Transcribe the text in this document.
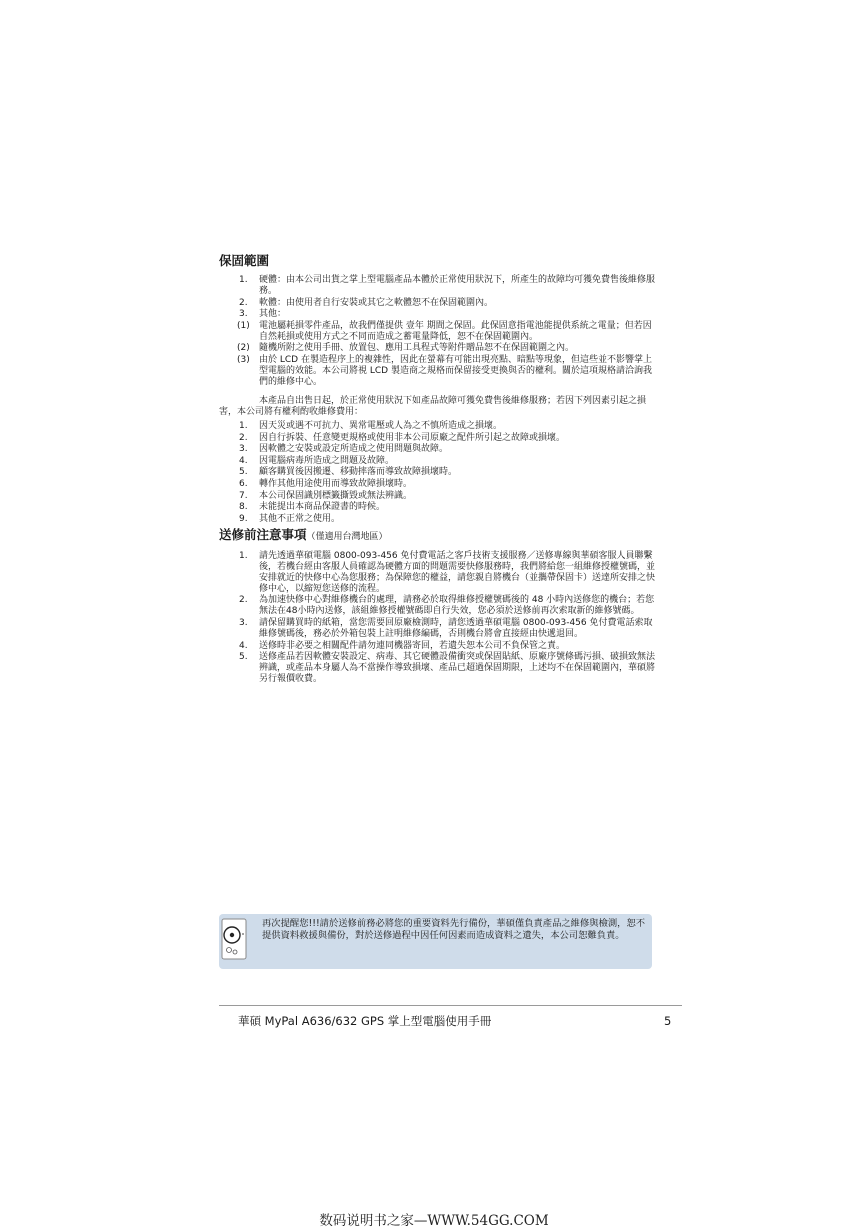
保固範圍
1. 硬體：由本公司出貨之掌上型電腦產品本體於正常使用狀況下，所產生的故障均可獲免費售後維修服務。
2. 軟體：由使用者自行安裝或其它之軟體恕不在保固範圍內。
3. 其他：
(1) 電池屬耗損零件產品，故我們僅提供 壹年 期間之保固。此保固意指電池能提供系統之電量；但若因自然耗損或使用方式之不同而造成之蓄電量降低，恕不在保固範圍內。
(2) 隨機所附之使用手冊、放置包、應用工具程式等附件贈品恕不在保固範圍之內。
(3) 由於 LCD 在製造程序上的複雜性，因此在螢幕有可能出現亮點、暗點等現象，但這些並不影響掌上型電腦的效能。本公司將視 LCD 製造商之規格而保留接受更換與否的權利。關於這項規格請洽詢我們的維修中心。

本產品自出售日起，於正常使用狀況下如產品故障可獲免費售後維修服務；若因下列因素引起之損害，本公司將有權利酌收維修費用：

1. 因天災或遇不可抗力、異常電壓或人為之不慎所造成之損壞。
2. 因自行拆裝、任意變更規格或使用非本公司原廠之配件所引起之故障或損壞。
3. 因軟體之安裝或設定所造成之使用問題與故障。
4. 因電腦病毒所造成之問題及故障。
5. 顧客購買後因搬遷、移動摔落而導致故障損壞時。
6. 轉作其他用途使用而導致故障損壞時。
7. 本公司保固識別標籤撕毀或無法辨識。
8. 未能提出本商品保證書的時候。
9. 其他不正常之使用。
送修前注意事項（僅適用台灣地區）
1. 請先透過華碩電腦 0800-093-456 免付費電話之客戶技術支援服務／送修專線與華碩客服人員聯繫後，若機台經由客服人員確認為硬體方面的問題需要快修服務時，我們將給您一組維修授權號碼，並安排就近的快修中心為您服務；為保障您的權益，請您親自將機台（並攜帶保固卡）送達所安排之快修中心，以縮短您送修的流程。
2. 為加速快修中心對維修機台的處理，請務必於取得維修授權號碼後的 48 小時內送修您的機台；若您無法在48小時內送修，該組維修授權號碼即自行失效，您必須於送修前再次索取新的維修號碼。
3. 請保留購買時的紙箱，當您需要回原廠檢測時，請您透過華碩電腦 0800-093-456 免付費電話索取維修號碼後，務必於外箱包裝上註明維修編碼，否則機台將會直接經由快遞退回。
4. 送修時非必要之相關配件請勿連同機器寄回，若遺失恕本公司不負保管之責。
5. 送修產品若因軟體安裝設定、病毒、其它硬體設備衝突或保固貼紙、原廠序號條碼污損、破損致無法辨識，或產品本身屬人為不當操作導致損壞、產品已超過保固期限，上述均不在保固範圍內，華碩將另行報價收費。
再次提醒您!!!請於送修前務必將您的重要資料先行備份，華碩僅負責產品之維修與檢測，恕不提供資料救援與備份，對於送修過程中因任何因素而造成資料之遺失，本公司恕難負責。
華碩 MyPal A636/632 GPS 掌上型電腦使用手冊	5
数码说明书之家—WWW.54GG.COM
